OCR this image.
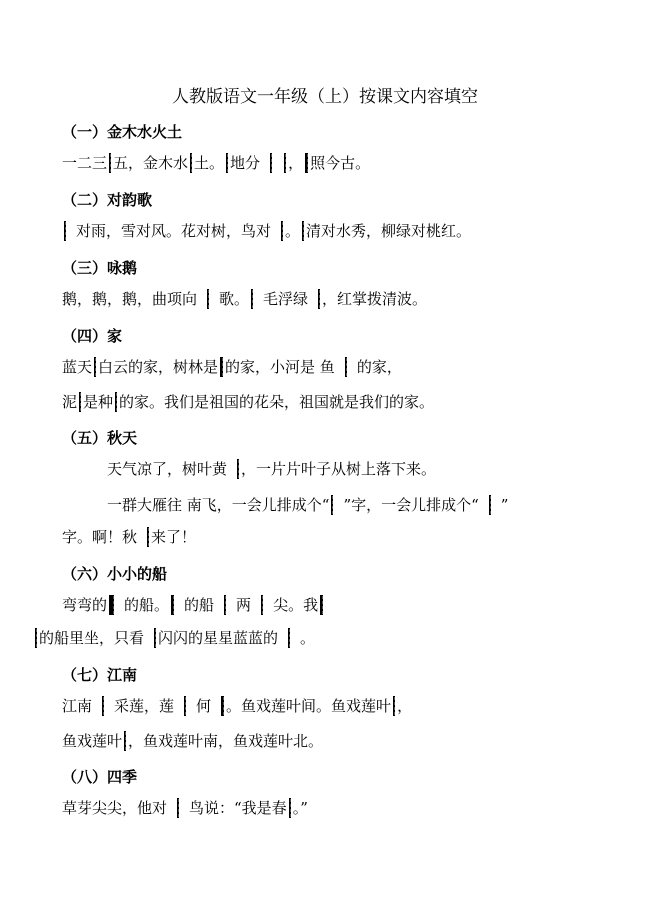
人教版语文一年级（上）按课文内容填空
（一）金木水火土
一二三 五，金木水 土。 地分 ， 照今古。
（二）对韵歌
对雨，雪对风。花对树，鸟对 。 清对水秀，柳绿对桃红。
（三）咏鹅
鹅，鹅，鹅，曲项向 歌。 毛浮绿 ，红掌拨清波。
（四）家
蓝天 白云的家，树林是 的家，小河是 鱼 的家，
泥 是种 的家。我们是祖国的花朵，祖国就是我们的家。
（五）秋天
天气凉了，树叶黄 ，一片片叶子从树上落下来。
一群大雁往 南飞，一会儿排成个“ ”字，一会儿排成个“ ”
字。啊！秋 来了！
（六）小小的船
弯弯的 的船。 的船 两 尖。我
的船里坐，只看 闪闪的星星蓝蓝的 。
（七）江南
江南 采莲，莲 何 。鱼戏莲叶间。鱼戏莲叶 ，
鱼戏莲叶 ，鱼戏莲叶南，鱼戏莲叶北。
（八）四季
草芽尖尖，他对 鸟说：“我是春 。”
